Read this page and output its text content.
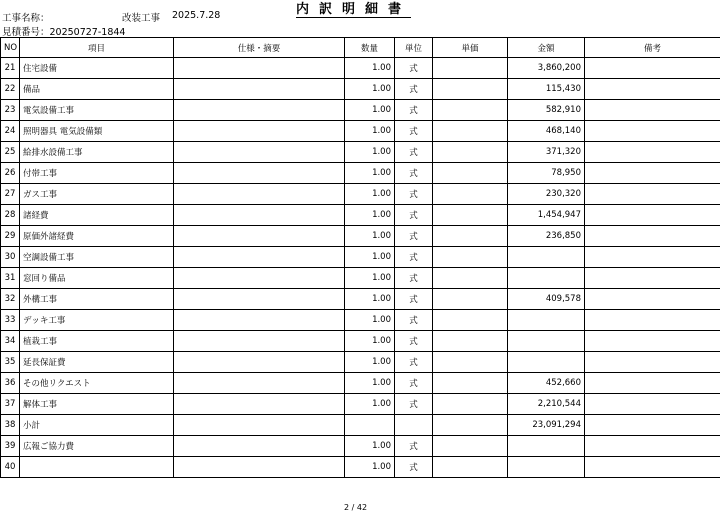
工事名称：	改装工事 2025.7.28
見積番号：20250727-1844
内訳明細書
NO	項目	仕様・摘要	数量	単位	単価	金額	備考
21	住宅設備		1.00	式		3,860,200	
22	備品		1.00	式		115,430	
23	電気設備工事		1.00	式		582,910	
24	照明器具 電気設備類		1.00	式		468,140	
25	給排水設備工事		1.00	式		371,320	
26	付帯工事		1.00	式		78,950	
27	ガス工事		1.00	式		230,320	
28	諸経費		1.00	式		1,454,947	
29	原価外諸経費		1.00	式		236,850	
30	空調設備工事		1.00	式			
31	窓回り備品		1.00	式			
32	外構工事		1.00	式		409,578	
33	デッキ工事		1.00	式			
34	植栽工事		1.00	式			
35	延長保証費		1.00	式			
36	その他リクエスト		1.00	式		452,660	
37	解体工事		1.00	式		2,210,544	
38	小計					23,091,294	
39	広報ご協力費		1.00	式			
40			1.00	式			
2 / 42
